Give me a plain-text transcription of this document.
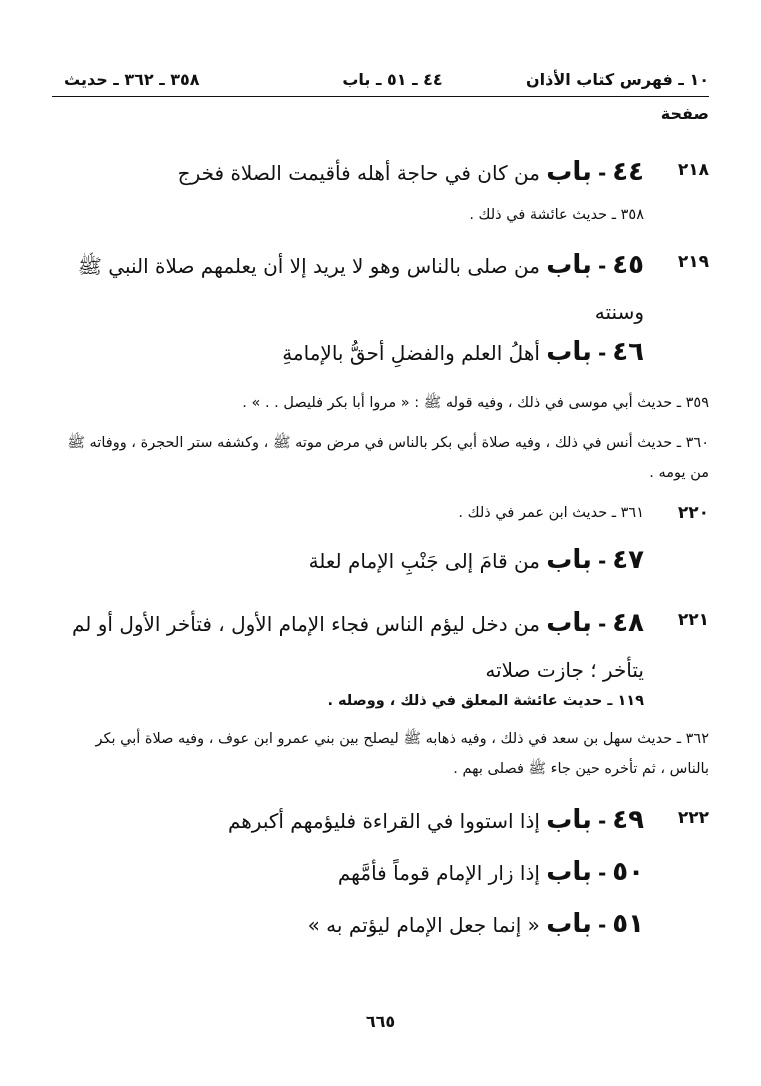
١٠ ـ فهرس كتاب الأذان
٤٤ ـ ٥١ ـ باب
٣٥٨ ـ ٣٦٢ ـ حديث
صفحة
٢١٨
٤٤-باب من كان في حاجة أهله فأقيمت الصلاة فخرج
٣٥٨ ـ حديث عائشة في ذلك .
٢١٩
٤٥-باب من صلى بالناس وهو لا يريد إلا أن يعلمهم صلاة النبي ﷺ وسنته
٤٦-باب أهلُ العلم والفضلِ أحقُّ بالإمامةِ
٣٥٩ ـ حديث أبي موسى في ذلك ، وفيه قوله ﷺ : « مروا أبا بكر فليصل . . » .
٣٦٠ ـ حديث أنس في ذلك ، وفيه صلاة أبي بكر بالناس في مرض موته ﷺ ، وكشفه ستر الحجرة ، ووفاته ﷺ من يومه .
٢٢٠
٣٦١ ـ حديث ابن عمر في ذلك .
٤٧-باب من قامَ إلى جَنْبِ الإمام لعلة
٢٢١
٤٨-باب من دخل ليؤم الناس فجاء الإمام الأول ، فتأخر الأول أو لم يتأخر ؛ جازت صلاته
١١٩ ـ حديث عائشة المعلق في ذلك ، ووصله .
٣٦٢ ـ حديث سهل بن سعد في ذلك ، وفيه ذهابه ﷺ ليصلح بين بني عمرو ابن عوف ، وفيه صلاة أبي بكر بالناس ، ثم تأخره حين جاء ﷺ فصلى بهم .
٢٢٢
٤٩-باب إذا استووا في القراءة فليؤمهم أكبرهم
٥٠-باب إذا زار الإمام قوماً فأمَّهم
٥١-باب « إنما جعل الإمام ليؤتم به »
٦٦٥
